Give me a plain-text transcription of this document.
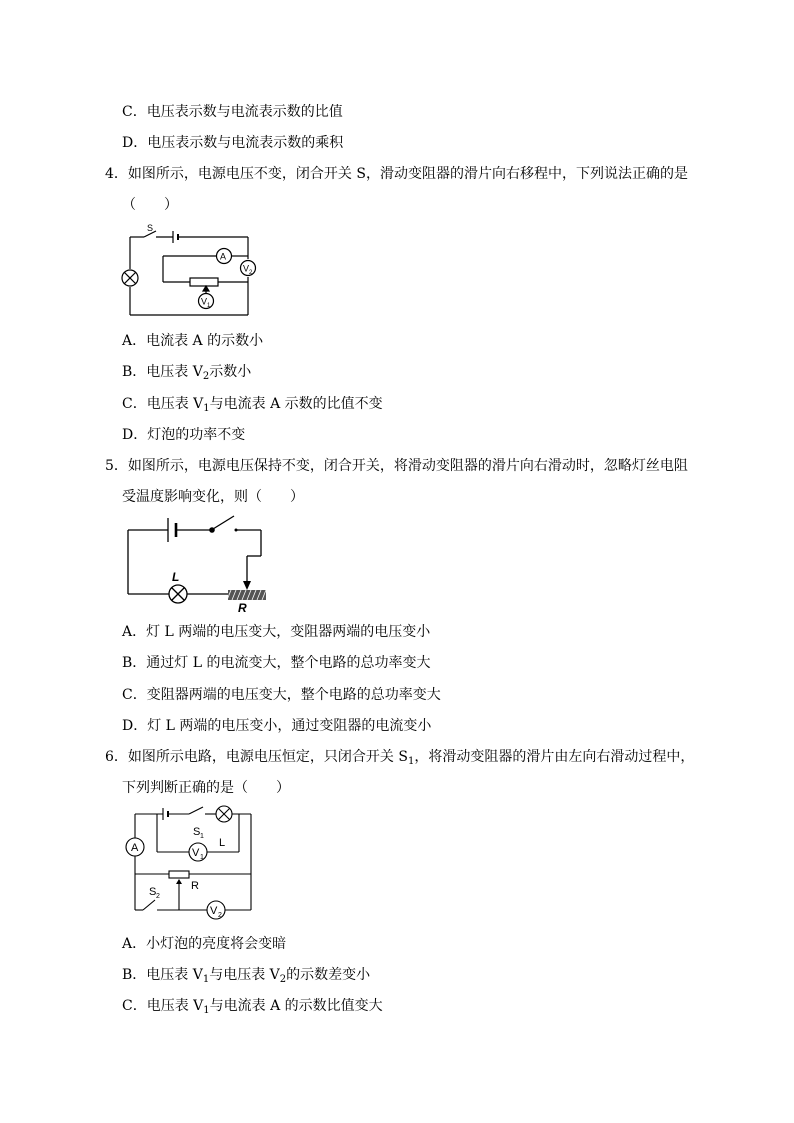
C．电压表示数与电流表示数的比值
D．电压表示数与电流表示数的乘积
4．如图所示，电源电压不变，闭合开关 S，滑动变阻器的滑片向右移程中，下列说法正确的是
（　　）
S
A
V 2
V 1
A．电流表 A 的示数小
B．电压表 $V_2$示数小
C．电压表 $V_1$与电流表 A 示数的比值不变
D．灯泡的功率不变
5．如图所示，电源电压保持不变，闭合开关，将滑动变阻器的滑片向右滑动时，忽略灯丝电阻
受温度影响变化，则（　　）
L
R
A．灯 L 两端的电压变大，变阻器两端的电压变小
B．通过灯 L 的电流变大，整个电路的总功率变大
C．变阻器两端的电压变大，整个电路的总功率变大
D．灯 L 两端的电压变小，通过变阻器的电流变小
6．如图所示电路，电源电压恒定，只闭合开关 $S_1$，将滑动变阻器的滑片由左向右滑动过程中，
下列判断正确的是（　　）
A
S 1
L
V 1
R
S 2
V 2
A．小灯泡的亮度将会变暗
B．电压表 $V_1$与电压表 $V_2$的示数差变小
C．电压表 $V_1$与电流表 A 的示数比值变大
